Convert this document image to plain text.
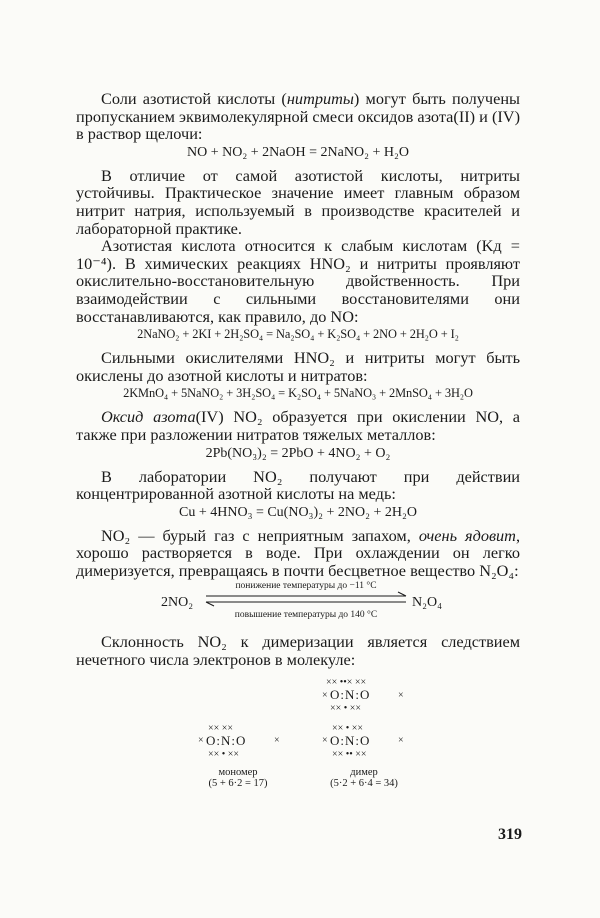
Соли азотистой кислоты (нитриты) могут быть получены пропусканием эквимолекулярной смеси оксидов азота(II) и (IV) в раствор щелочи:

NO + NO₂ + 2NaOH = 2NaNO₂ + H₂O

В отличие от самой азотистой кислоты, нитриты устойчивы. Практическое значение имеет главным образом нитрит натрия, используемый в производстве красителей и лабораторной практике.

Азотистая кислота относится к слабым кислотам (Kд = 10⁻⁴). В химических реакциях HNO₂ и нитриты проявляют окислительно-восстановительную двойственность. При взаимодействии с сильными восстановителями они восстанавливаются, как правило, до NO:

2NaNO₂ + 2KI + 2H₂SO₄ = Na₂SO₄ + K₂SO₄ + 2NO + 2H₂O + I₂

Сильными окислителями HNO₂ и нитриты могут быть окислены до азотной кислоты и нитратов:

2KMnO₄ + 5NaNO₂ + 3H₂SO₄ = K₂SO₄ + 5NaNO₃ + 2MnSO₄ + 3H₂O

Оксид азота(IV) NO₂ образуется при окислении NO, а также при разложении нитратов тяжелых металлов:

2Pb(NO₃)₂ = 2PbO + 4NO₂ + O₂

В лаборатории NO₂ получают при действии концентрированной азотной кислоты на медь:

Cu + 4HNO₃ = Cu(NO₃)₂ + 2NO₂ + 2H₂O

NO₂ — бурый газ с неприятным запахом, очень ядовит, хорошо растворяется в воде. При охлаждении он легко димеризуется, превращаясь в почти бесцветное вещество N₂O₄:

понижение температуры до −11 °С
2NO₂	N₂O₄
повышение температуры до 140 °С

Склонность NO₂ к димеризации является следствием нечетного числа электронов в молекуле:

×× ••× ××
× O:N:O	×
×× • ××
×× ××
× O:N:O	×
×× • ××
×× • ××
× O:N:O	×
×× •• ××
мономер
(5 + 6·2 = 17)
димер
(5·2 + 6·4 = 34)
319
